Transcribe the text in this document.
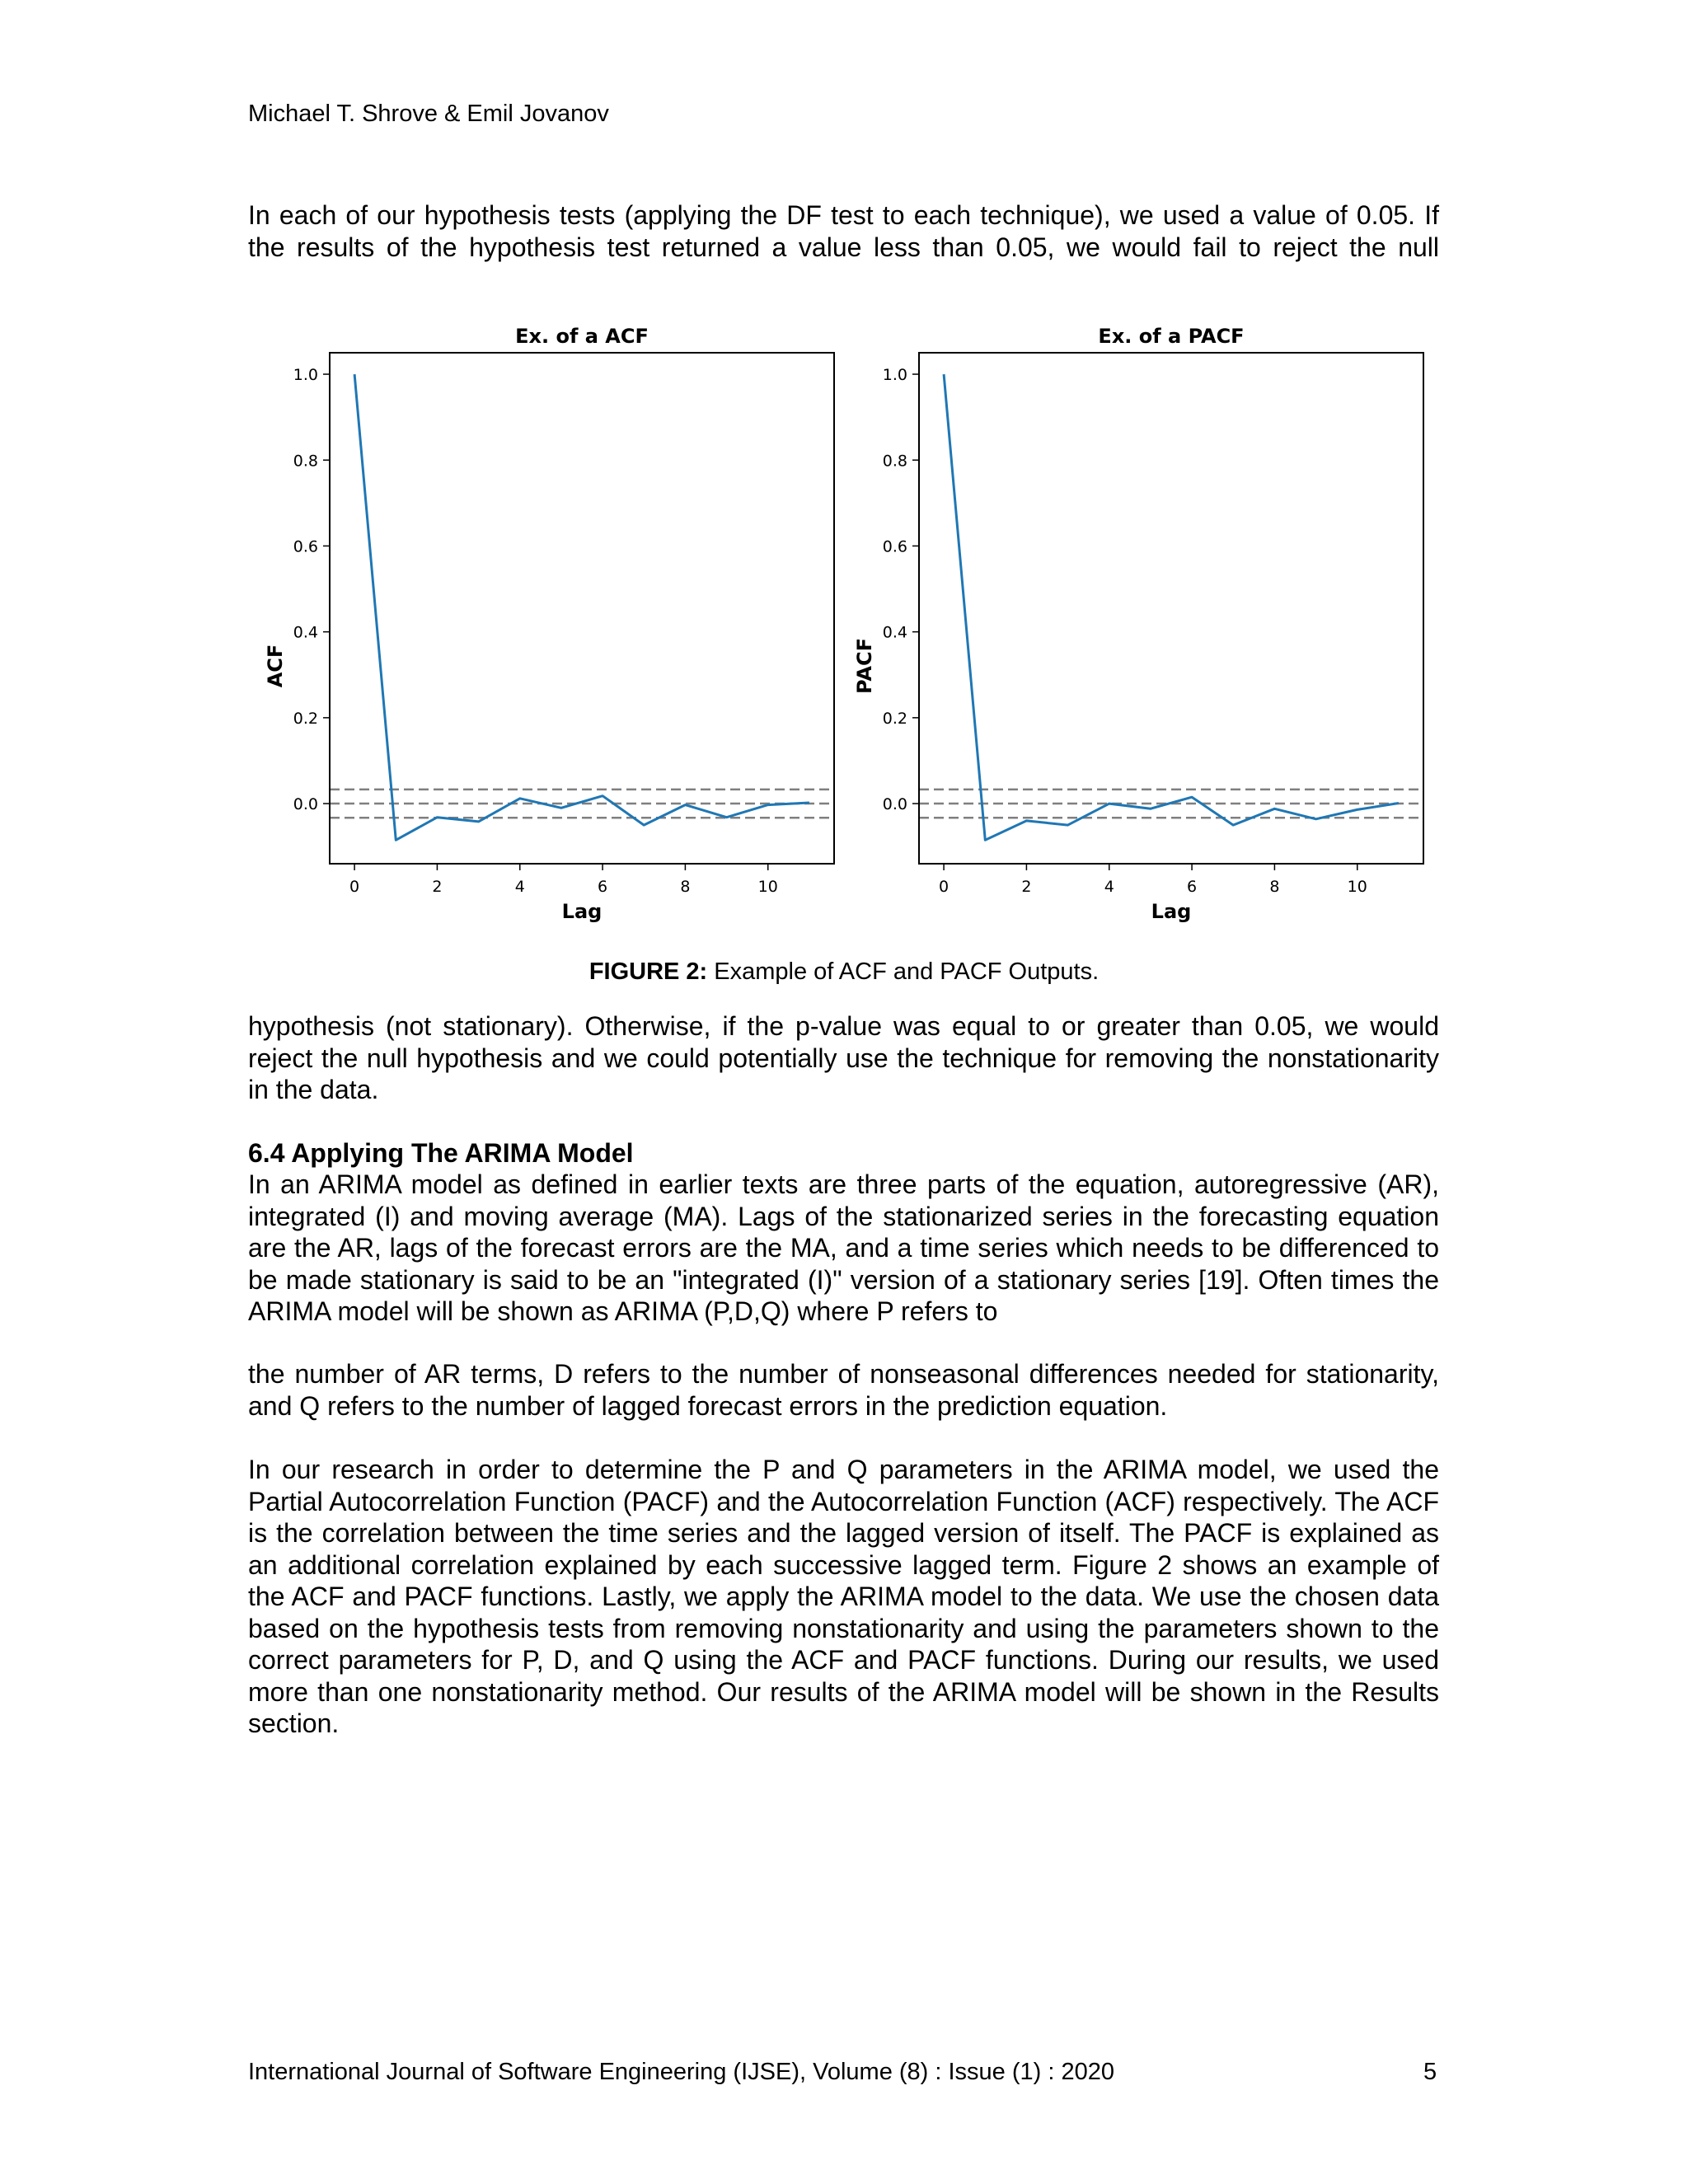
Michael T. Shrove & Emil Jovanov
In each of our hypothesis tests (applying the DF test to each technique), we used a value of 0.05. If the results of the hypothesis test returned a value less than 0.05, we would fail to reject the null
Ex. of a ACF
0	2	4	6	8	10
0.0
0.2
0.4
0.6
0.8
1.0
Lag
ACF
Ex. of a PACF
0	2	4	6	8	10
0.0
0.2
0.4
0.6
0.8
1.0
Lag
PACF
FIGURE 2: Example of ACF and PACF Outputs.
hypothesis (not stationary). Otherwise, if the p-value was equal to or greater than 0.05, we would reject the null hypothesis and we could potentially use the technique for removing the nonstationarity in the data.
6.4 Applying The ARIMA Model
In an ARIMA model as defined in earlier texts are three parts of the equation, autoregressive (AR), integrated (I) and moving average (MA). Lags of the stationarized series in the forecasting equation are the AR, lags of the forecast errors are the MA, and a time series which needs to be differenced to be made stationary is said to be an "integrated (I)" version of a stationary series [19]. Often times the ARIMA model will be shown as ARIMA (P,D,Q) where P refers to
the number of AR terms, D refers to the number of nonseasonal differences needed for stationarity, and Q refers to the number of lagged forecast errors in the prediction equation.
In our research in order to determine the P and Q parameters in the ARIMA model, we used the Partial Autocorrelation Function (PACF) and the Autocorrelation Function (ACF) respectively. The ACF is the correlation between the time series and the lagged version of itself. The PACF is explained as an additional correlation explained by each successive lagged term. Figure 2 shows an example of the ACF and PACF functions. Lastly, we apply the ARIMA model to the data. We use the chosen data based on the hypothesis tests from removing nonstationarity and using the parameters shown to the correct parameters for P, D, and Q using the ACF and PACF functions. During our results, we used more than one nonstationarity method. Our results of the ARIMA model will be shown in the Results section.
International Journal of Software Engineering (IJSE), Volume (8) : Issue (1) : 2020	5
